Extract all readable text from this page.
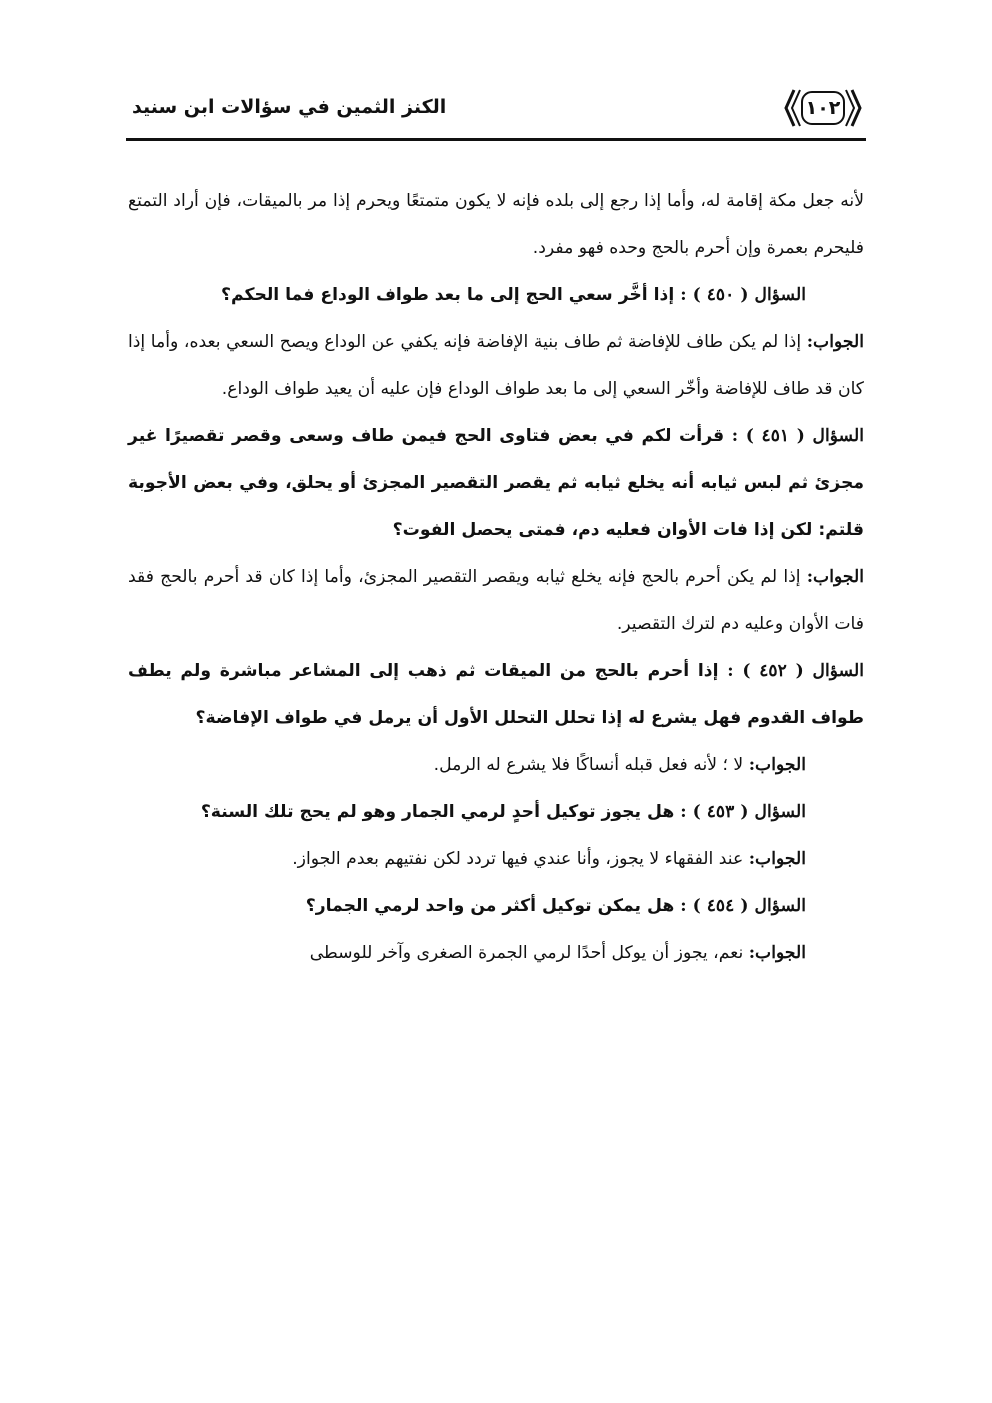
١٠٢
الكنز الثمين في سؤالات ابن سنيد

لأنه جعل مكة إقامة له، وأما إذا رجع إلى بلده فإنه لا يكون متمتعًا ويحرم إذا مر بالميقات، فإن أراد التمتع فليحرم بعمرة وإن أحرم بالحج وحده فهو مفرد.

السؤال ( ٤٥٠ ) : إذا أخَّر سعي الحج إلى ما بعد طواف الوداع فما الحكم؟

الجواب: إذا لم يكن طاف للإفاضة ثم طاف بنية الإفاضة فإنه يكفي عن الوداع ويصح السعي بعده، وأما إذا كان قد طاف للإفاضة وأخّر السعي إلى ما بعد طواف الوداع فإن عليه أن يعيد طواف الوداع.

السؤال ( ٤٥١ ) : قرأت لكم في بعض فتاوى الحج فيمن طاف وسعى وقصر تقصيرًا غير مجزئ ثم لبس ثيابه أنه يخلع ثيابه ثم يقصر التقصير المجزئ أو يحلق، وفي بعض الأجوبة قلتم: لكن إذا فات الأوان فعليه دم، فمتى يحصل الفوت؟

الجواب: إذا لم يكن أحرم بالحج فإنه يخلع ثيابه ويقصر التقصير المجزئ، وأما إذا كان قد أحرم بالحج فقد فات الأوان وعليه دم لترك التقصير.

السؤال ( ٤٥٢ ) : إذا أحرم بالحج من الميقات ثم ذهب إلى المشاعر مباشرة ولم يطف طواف القدوم فهل يشرع له إذا تحلل التحلل الأول أن يرمل في طواف الإفاضة؟

الجواب: لا ؛ لأنه فعل قبله أنساكًا فلا يشرع له الرمل.

السؤال ( ٤٥٣ ) : هل يجوز توكيل أحدٍ لرمي الجمار وهو لم يحج تلك السنة؟

الجواب: عند الفقهاء لا يجوز، وأنا عندي فيها تردد لكن نفتيهم بعدم الجواز.

السؤال ( ٤٥٤ ) : هل يمكن توكيل أكثر من واحد لرمي الجمار؟

الجواب: نعم، يجوز أن يوكل أحدًا لرمي الجمرة الصغرى وآخر للوسطى
